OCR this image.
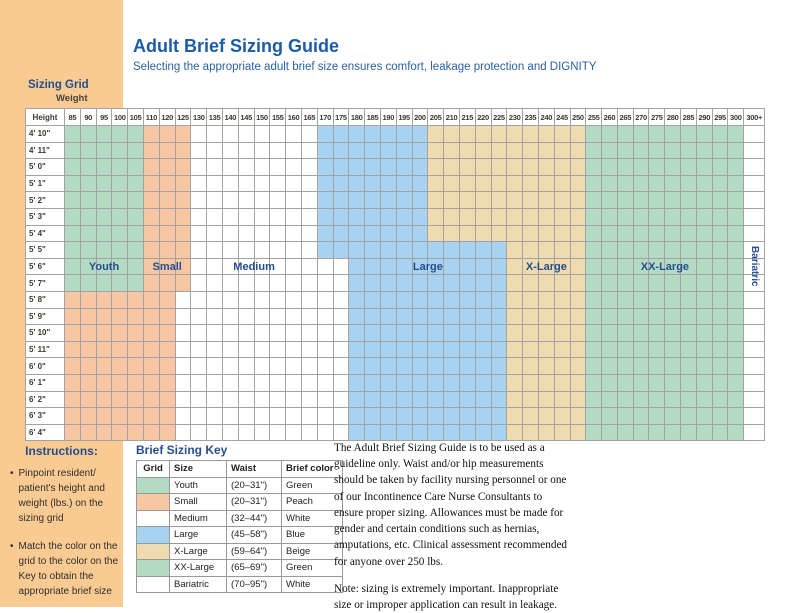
Adult Brief Sizing Guide

Selecting the appropriate adult brief size ensures comfort, leakage protection and DIGNITY

Sizing Grid
Weight
Height	85	90	95 100 105 110 120 125 130 135 140 145 150 155 160 165 170 175 180 185 190 195 200 205 210 215 220 225 230 235 240 245 250 255 260 265 270 275 280 285 290 295 300 300+
4' 10"
4' 11"
5' 0"
5' 1"
5' 2"
5' 3"
5' 4"
5' 5"
5' 6"
5' 7"
5' 8"
5' 9"
5' 10"
5' 11"
6' 0"
6' 1"
6' 2"
6' 3"
6' 4"
Youth	Small	Medium	Large	X-Large	XX-Large	Bariatric
Instructions:
• Pinpoint resident/ patient's height and weight (lbs.) on the sizing grid
• Match the color on the grid to the color on the Key to obtain the appropriate brief size
Brief Sizing Key
Grid	Size	Waist	Brief color
	Youth	(20–31")	Green
	Small	(20–31")	Peach
	Medium	(32–44")	White
	Large	(45–58")	Blue
	X-Large	(59–64")	Beige
	XX-Large	(65–69")	Green
	Bariatric	(70–95")	White

The Adult Brief Sizing Guide is to be used as a guideline only. Waist and/or hip measurements should be taken by facility nursing personnel or one of our Incontinence Care Nurse Consultants to ensure proper sizing. Allowances must be made for gender and certain conditions such as hernias, amputations, etc. Clinical assessment recommended for anyone over 250 lbs.

Note: sizing is extremely important. Inappropriate size or improper application can result in leakage.
